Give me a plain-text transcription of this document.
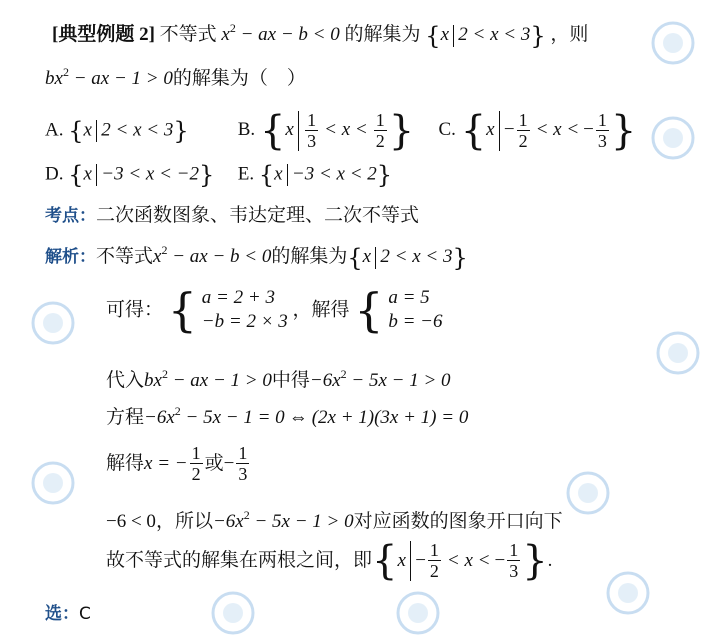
[典型例题 2] 不等式 $x^2$ − ax − b < 0 的解集为 {x 2 < x < 3} ，则
$bx^2$ − ax − 1 > 0的解集为（　）
A. {x 2 < x < 3}	B. {$x \frac{1}{3} < x < \frac{1}{2}$ } C. {$x - \frac{1}{2} < x$ < − $\frac{1}{3}$ }
D. {x −3 < x < −2} E. {x −3 < x < 2}
考点：二次函数图象、韦达定理、二次不等式
解析：不等式$x^2$ − ax − b < 0的解集为{x 2 < x < 3}
可得： { a = 2 + 3
−b = 2 × 3
，解得 { a = 5
b = −6
代入$bx^2$ − ax − 1 > 0中得$-6x^2 - 5x - 1 > 0$
方程$-6x^2 - 5x - 1 = 0$ ⇔ (2x + 1)(3x + 1) = 0
解得x = − $\frac{1}{2}$ 或− $\frac{1}{3}$
−6 < 0，所以$-6x^2 - 5x - 1 > 0$对应函数的图象开口向下
故不等式的解集在两根之间，即{$x - \frac{1}{2} < x$ < − $\frac{1}{3}$ }.
选：C
